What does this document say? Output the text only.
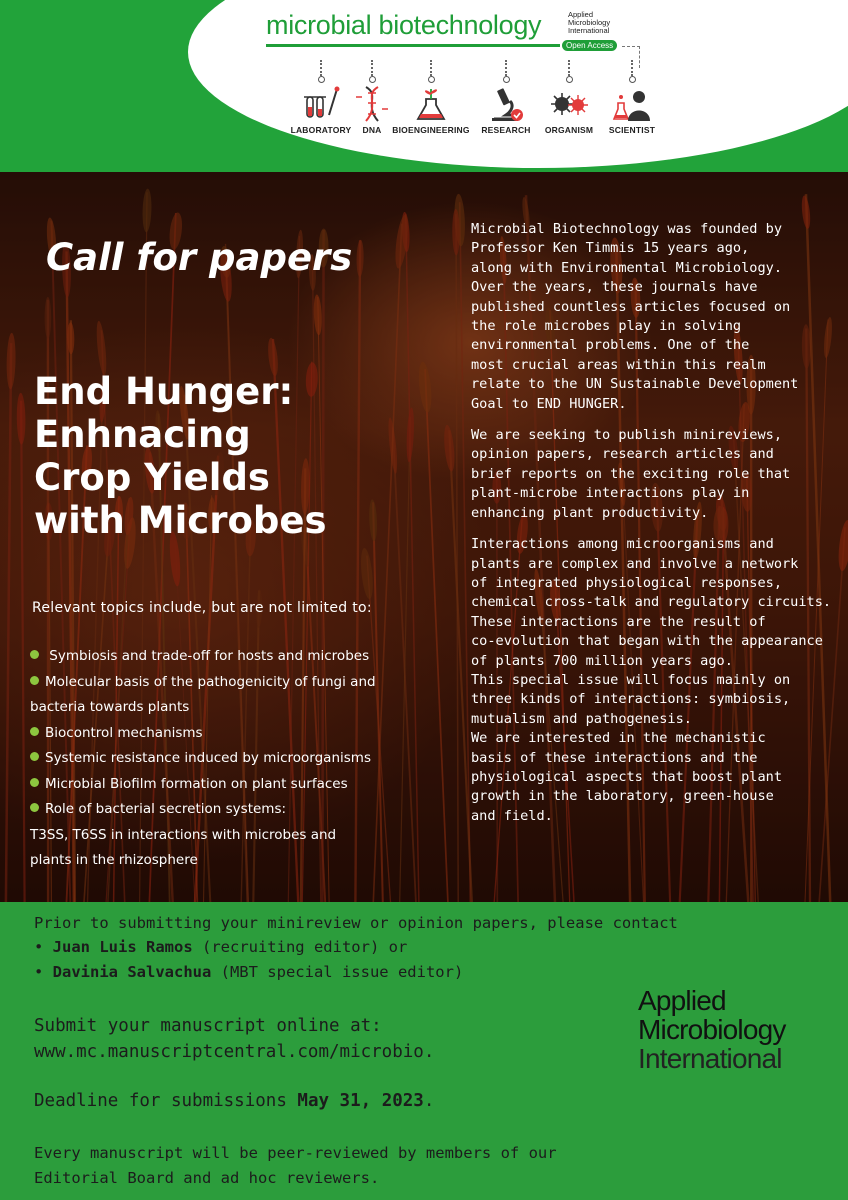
microbial biotechnology	Applied
Microbiology
International
Open Access
LABORATORY	DNA	BIOENGINEERING	RESEARCH	ORGANISM	SCIENTIST
Call for papers
End Hunger:
Enhnacing
Crop Yields
with Microbes
Relevant topics include, but are not limited to:
Symbiosis and trade-off for hosts and microbes
Molecular basis of the pathogenicity of fungi and
bacteria towards plants
Biocontrol mechanisms
Systemic resistance induced by microorganisms
Microbial Biofilm formation on plant surfaces
Role of bacterial secretion systems:
T3SS, T6SS in interactions with microbes and
plants in the rhizosphere
Microbial Biotechnology was founded by
Professor Ken Timmis 15 years ago,
along with Environmental Microbiology.
Over the years, these journals have
published countless articles focused on
the role microbes play in solving
environmental problems. One of the
most crucial areas within this realm
relate to the UN Sustainable Development
Goal to END HUNGER.
We are seeking to publish minireviews,
opinion papers, research articles and
brief reports on the exciting role that
plant-microbe interactions play in
enhancing plant productivity.
Interactions among microorganisms and
plants are complex and involve a network
of integrated physiological responses,
chemical cross-talk and regulatory circuits.
These interactions are the result of
co-evolution that began with the appearance
of plants 700 million years ago.
This special issue will focus mainly on
three kinds of interactions: symbiosis,
mutualism and pathogenesis.
We are interested in the mechanistic
basis of these interactions and the
physiological aspects that boost plant
growth in the laboratory, green-house
and field.
Prior to submitting your minireview or opinion papers, please contact
• Juan Luis Ramos (recruiting editor) or
• Davinia Salvachua (MBT special issue editor)
Submit your manuscript online at:
www.mc.manuscriptcentral.com/microbio.
Deadline for submissions May 31, 2023.
Every manuscript will be peer-reviewed by members of our
Editorial Board and ad hoc reviewers.
Applied
Microbiology
International
